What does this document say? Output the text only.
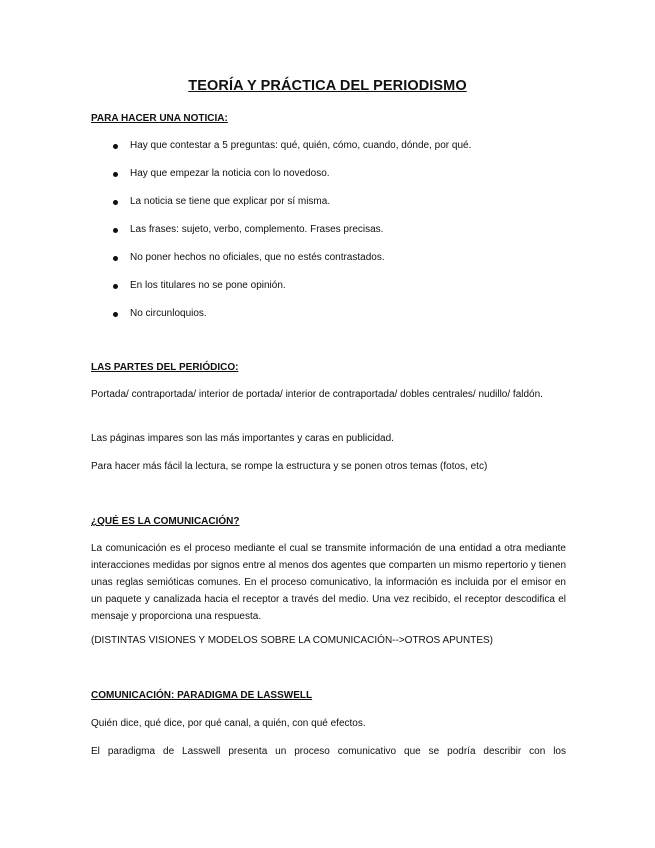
TEORÍA Y PRÁCTICA DEL PERIODISMO
PARA HACER UNA NOTICIA:
Hay que contestar a 5 preguntas: qué, quién, cómo, cuando, dónde, por qué.
Hay que empezar la noticia con lo novedoso.
La noticia se tiene que explicar por sí misma.
Las frases: sujeto, verbo, complemento. Frases precisas.
No poner hechos no oficiales, que no estés contrastados.
En los titulares no se pone opinión.
No circunloquios.
LAS PARTES DEL PERIÓDICO:

Portada/ contraportada/ interior de portada/ interior de contraportada/ dobles centrales/ nudillo/ faldón.

Las páginas impares son las más importantes y caras en publicidad.

Para hacer más fácil la lectura, se rompe la estructura y se ponen otros temas (fotos, etc)

¿QUÉ ES LA COMUNICACIÓN?

La comunicación es el proceso mediante el cual se transmite información de una entidad a otra mediante interacciones medidas por signos entre al menos dos agentes que comparten un mismo repertorio y tienen unas reglas semióticas comunes. En el proceso comunicativo, la información es incluida por el emisor en un paquete y canalizada hacia el receptor a través del medio. Una vez recibido, el receptor descodifica el mensaje y proporciona una respuesta.

(DISTINTAS VISIONES Y MODELOS SOBRE LA COMUNICACIÓN-->OTROS APUNTES)

COMUNICACIÓN: PARADIGMA DE LASSWELL

Quién dice, qué dice, por qué canal, a quién, con qué efectos.

El paradigma de Lasswell presenta un proceso comunicativo que se podría describir con los
